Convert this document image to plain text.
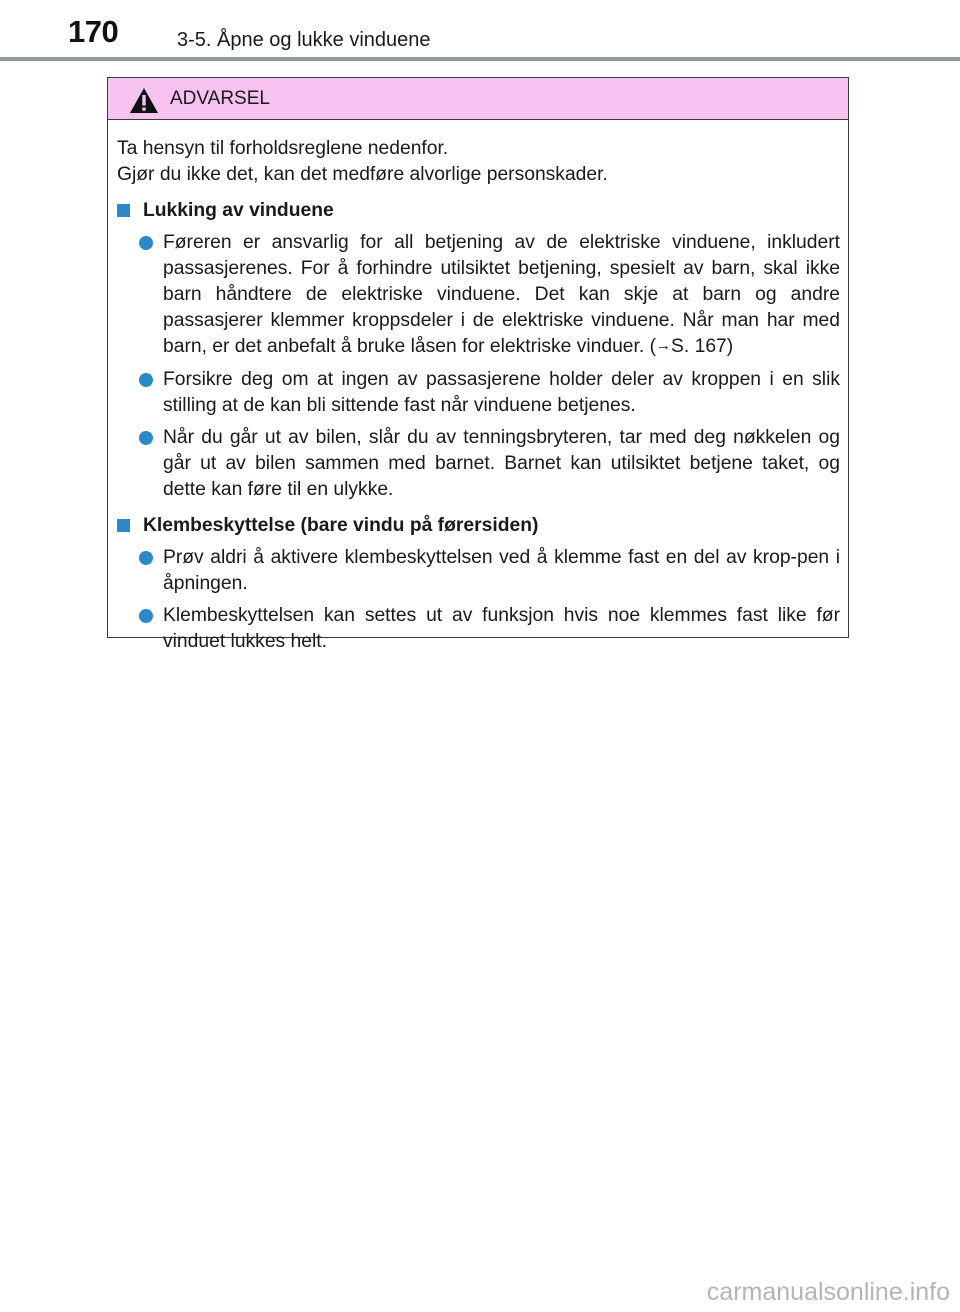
170	3-5. Åpne og lukke vinduene
ADVARSEL

Ta hensyn til forholdsreglene nedenfor.

Gjør du ikke det, kan det medføre alvorlige personskader.

Lukking av vinduene
Føreren er ansvarlig for all betjening av de elektriske vinduene, inkludert passasjerenes. For å forhindre utilsiktet betjening, spesielt av barn, skal ikke barn håndtere de elektriske vinduene. Det kan skje at barn og andre passasjerer klemmer kroppsdeler i de elektriske vinduene. Når man har med barn, er det anbefalt å bruke låsen for elektriske vinduer. (→S. 167)
Forsikre deg om at ingen av passasjerene holder deler av kroppen i en slik stilling at de kan bli sittende fast når vinduene betjenes.
Når du går ut av bilen, slår du av tenningsbryteren, tar med deg nøkkelen og går ut av bilen sammen med barnet. Barnet kan utilsiktet betjene taket, og dette kan føre til en ulykke.
Klembeskyttelse (bare vindu på førersiden)
Prøv aldri å aktivere klembeskyttelsen ved å klemme fast en del av krop-pen i åpningen.
Klembeskyttelsen kan settes ut av funksjon hvis noe klemmes fast like før vinduet lukkes helt.
carmanualsonline.info
